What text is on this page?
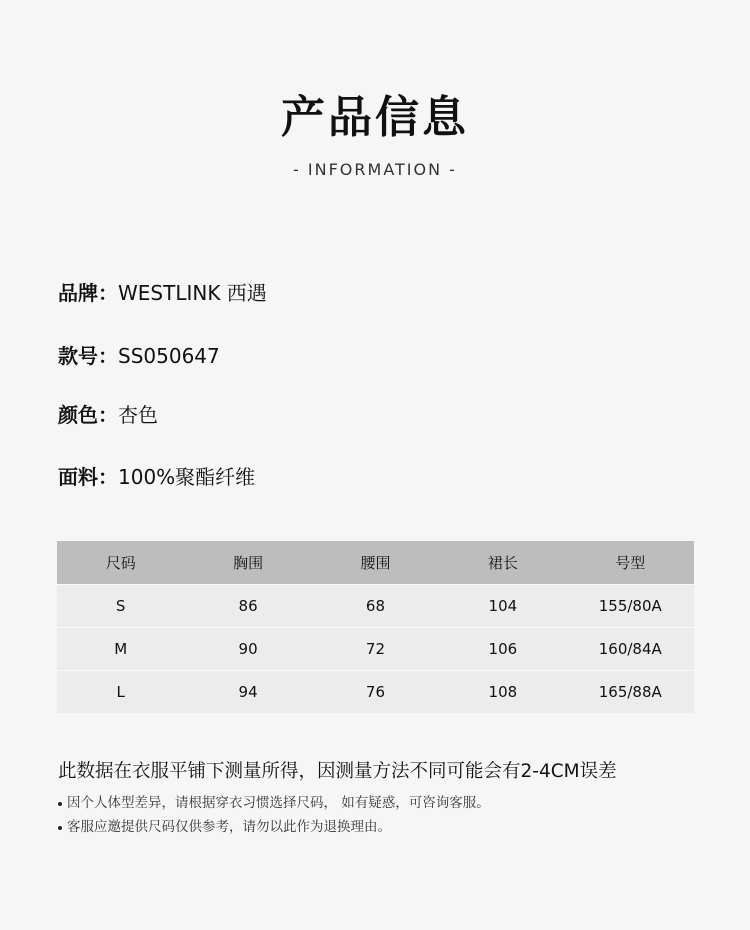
产品信息
- INFORMATION -
品牌：WESTLINK 西遇
款号：SS050647
颜色：杏色
面料：100%聚酯纤维
尺码	胸围	腰围	裙长	号型
S	86	68	104	155/80A
M	90	72	106	160/84A
L	94	76	108	165/88A
此数据在衣服平铺下测量所得，因测量方法不同可能会有2-4CM误差
因个人体型差异，请根据穿衣习惯选择尺码， 如有疑惑，可咨询客服。
客服应邀提供尺码仅供参考，请勿以此作为退换理由。
